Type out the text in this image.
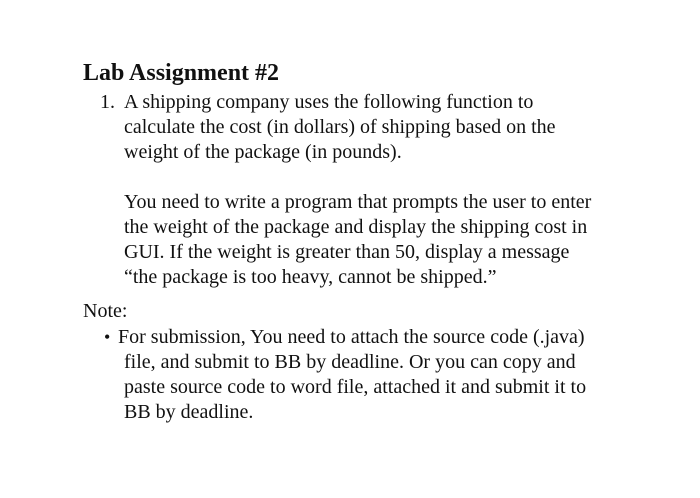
Lab Assignment #2
1. A shipping company uses the following function to
calculate the cost (in dollars) of shipping based on the
weight of the package (in pounds).

You need to write a program that prompts the user to enter
the weight of the package and display the shipping cost in
GUI. If the weight is greater than 50, display a message
“the package is too heavy, cannot be shipped.”

Note:
• For submission, You need to attach the source code (.java)
file, and submit to BB by deadline. Or you can copy and
paste source code to word file, attached it and submit it to
BB by deadline.
